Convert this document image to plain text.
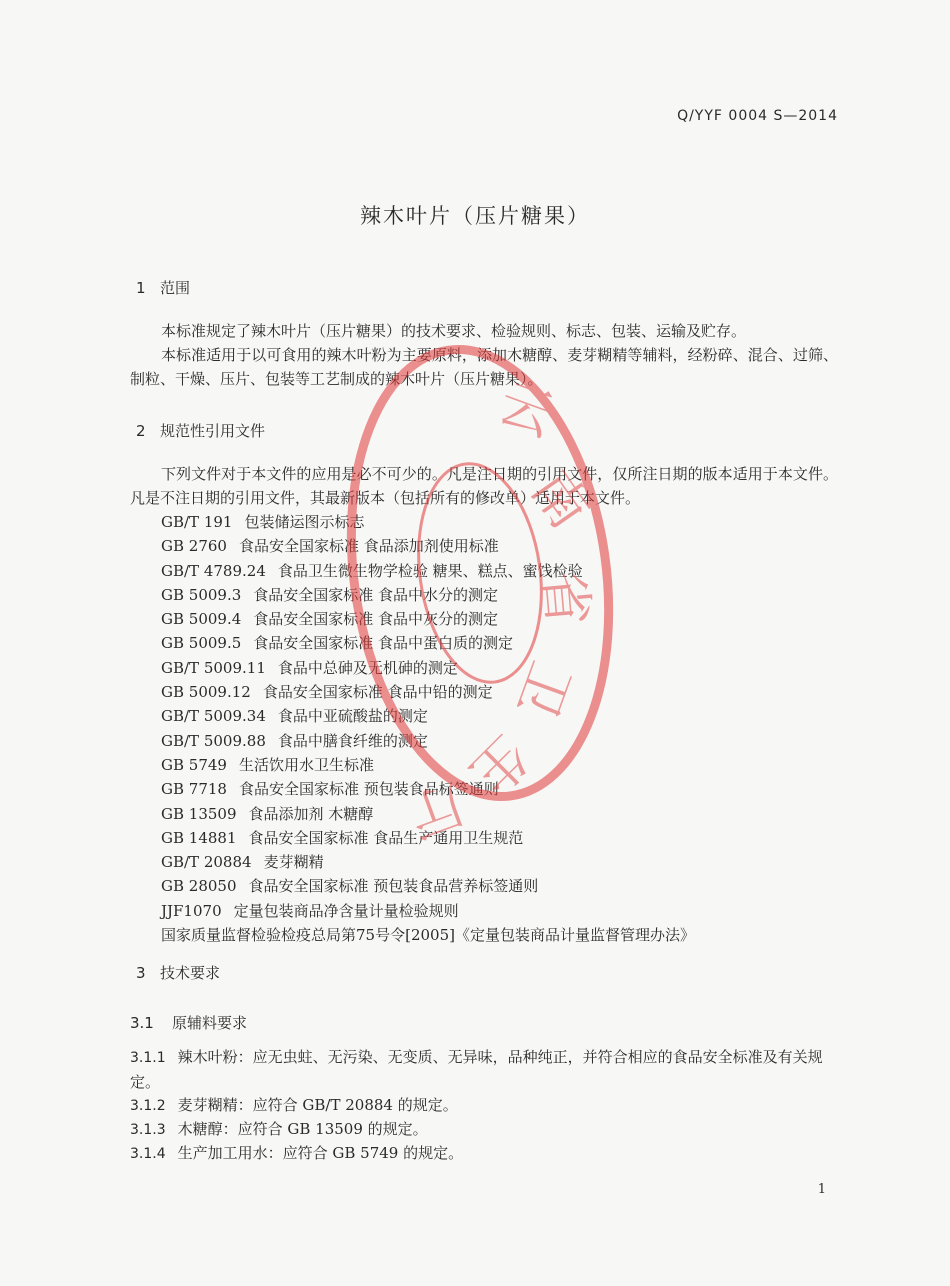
Q/YYF 0004 S—2014
辣木叶片（压片糖果）
1 范围
本标准规定了辣木叶片（压片糖果）的技术要求、检验规则、标志、包装、运输及贮存。
本标准适用于以可食用的辣木叶粉为主要原料，添加木糖醇、麦芽糊精等辅料，经粉碎、混合、过筛、制粒、干燥、压片、包装等工艺制成的辣木叶片（压片糖果）。
2 规范性引用文件
下列文件对于本文件的应用是必不可少的。凡是注日期的引用文件，仅所注日期的版本适用于本文件。凡是不注日期的引用文件，其最新版本（包括所有的修改单）适用于本文件。
GB/T 191 包装储运图示标志
GB 2760 食品安全国家标准 食品添加剂使用标准
GB/T 4789.24 食品卫生微生物学检验 糖果、糕点、蜜饯检验
GB 5009.3 食品安全国家标准 食品中水分的测定
GB 5009.4 食品安全国家标准 食品中灰分的测定
GB 5009.5 食品安全国家标准 食品中蛋白质的测定
GB/T 5009.11 食品中总砷及无机砷的测定
GB 5009.12 食品安全国家标准 食品中铅的测定
GB/T 5009.34 食品中亚硫酸盐的测定
GB/T 5009.88 食品中膳食纤维的测定
GB 5749 生活饮用水卫生标准
GB 7718 食品安全国家标准 预包装食品标签通则
GB 13509 食品添加剂 木糖醇
GB 14881 食品安全国家标准 食品生产通用卫生规范
GB/T 20884 麦芽糊精
GB 28050 食品安全国家标准 预包装食品营养标签通则
JJF1070 定量包装商品净含量计量检验规则
国家质量监督检验检疫总局第75号令[2005]《定量包装商品计量监督管理办法》
3 技术要求
3.1 原辅料要求
3.1.1 辣木叶粉：应无虫蛀、无污染、无变质、无异味，品种纯正，并符合相应的食品安全标准及有关规定。
3.1.2 麦芽糊精：应符合 GB/T 20884 的规定。
3.1.3 木糖醇：应符合 GB 13509 的规定。
3.1.4 生产加工用水：应符合 GB 5749 的规定。
1
云
南
省
卫
生
厅
